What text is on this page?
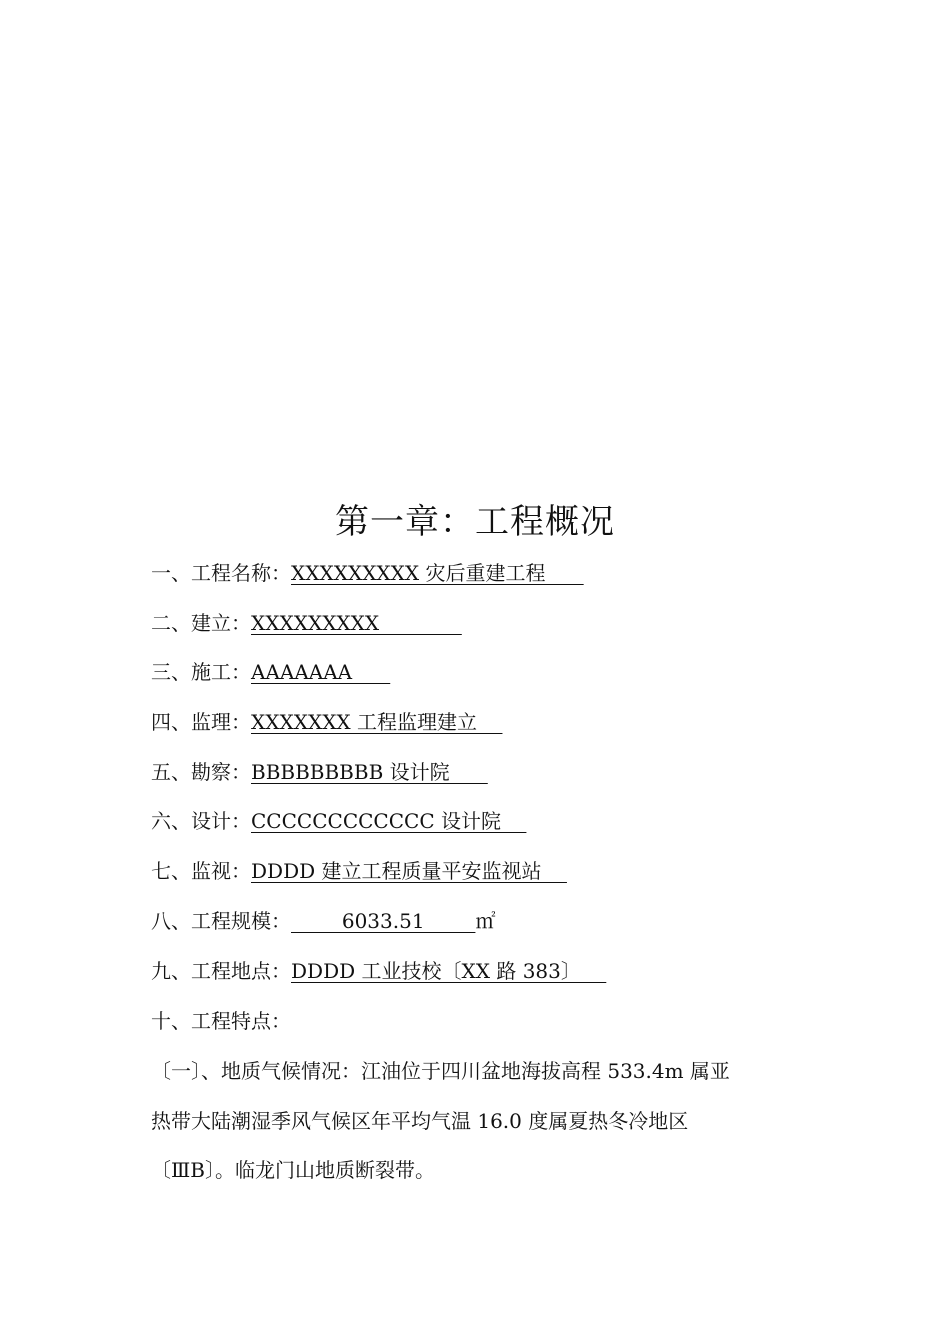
第一章：工程概况
一、工程名称：XXXXXXXXX 灾后重建工程
二、建立：XXXXXXXXX
三、施工：AAAAAAA
四、监理：XXXXXXX 工程监理建立
五、勘察：BBBBBBBBB 设计院
六、设计：CCCCCCCCCCCC 设计院
七、监视：DDDD 建立工程质量平安监视站
八、工程规模：        6033.51        ㎡
九、工程地点：DDDD 工业技校〔XX 路 383〕
十、工程特点：
〔一〕、地质气候情况：江油位于四川盆地海拔高程 533.4m 属亚
热带大陆潮湿季风气候区年平均气温 16.0 度属夏热冬冷地区
〔ⅢB〕。临龙门山地质断裂带。
